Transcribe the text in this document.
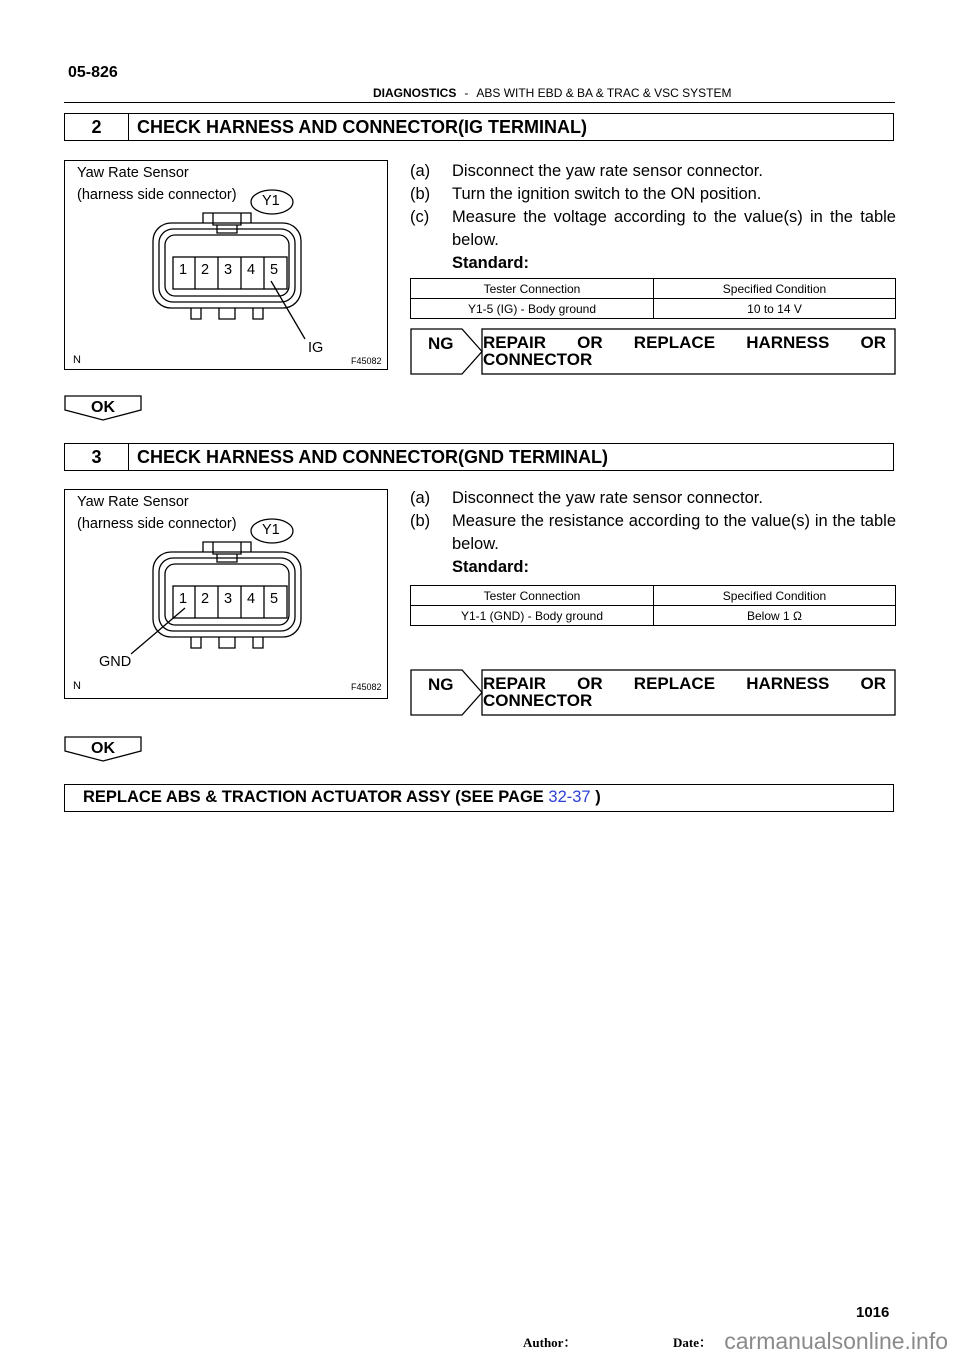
05-826
DIAGNOSTICS - ABS WITH EBD & BA & TRAC & VSC SYSTEM
2	CHECK HARNESS AND CONNECTOR(IG TERMINAL)
Yaw Rate Sensor
(harness side connector) Y1
1 2 3 4 5
IG
N	F45082
(a)	Disconnect the yaw rate sensor connector.
(b)	Turn the ignition switch to the ON position.
(c)	Measure the voltage according to the value(s) in the table below.
Standard:
Tester Connection	Specified Condition
Y1-5 (IG) - Body ground	10 to 14 V
NG REPAIR OR REPLACE HARNESS OR
CONNECTOR
OK
3	CHECK HARNESS AND CONNECTOR(GND TERMINAL)
Yaw Rate Sensor
(harness side connector) Y1
1 2 3 4 5
GND
N	F45082
(a)	Disconnect the yaw rate sensor connector.
(b)	Measure the resistance according to the value(s) in the table below.
Standard:
Tester Connection	Specified Condition
Y1-1 (GND) - Body ground	Below 1 Ω
NG REPAIR OR REPLACE HARNESS OR
CONNECTOR
OK
REPLACE ABS & TRACTION ACTUATOR ASSY (SEE PAGE 32-37 )
1016
Author：	Date： carmanualsonline.info
